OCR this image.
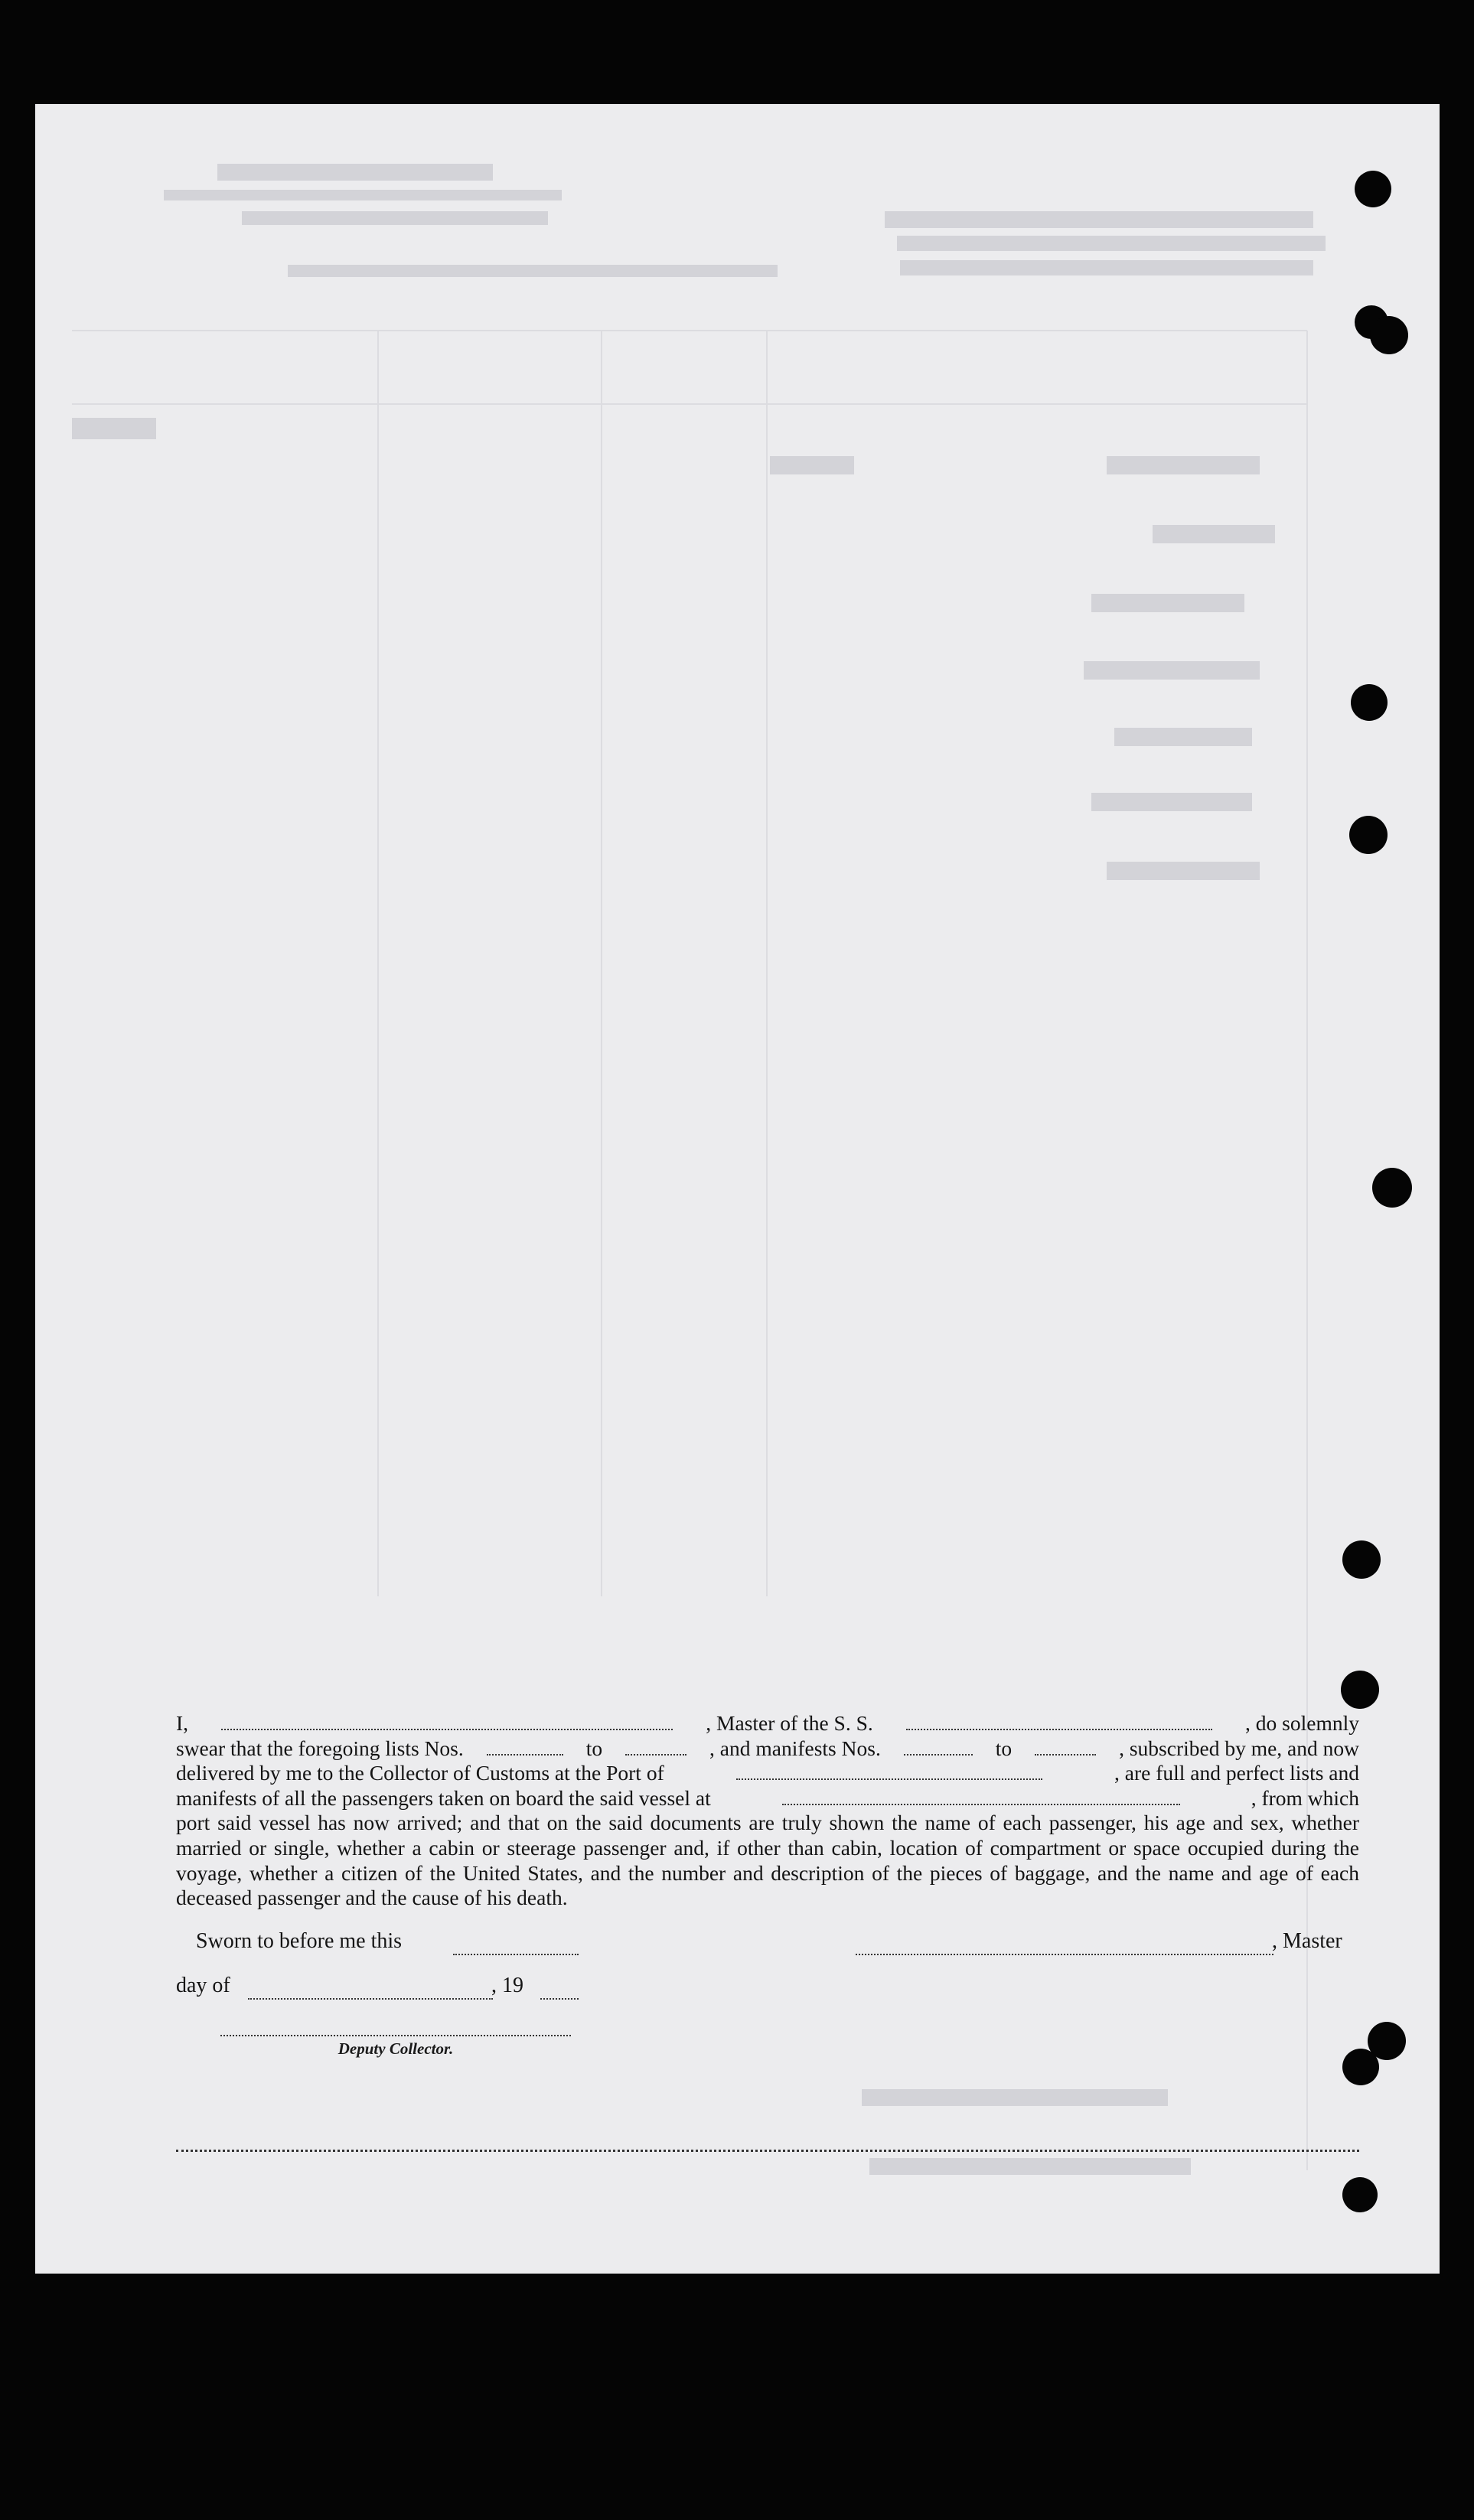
I,	, Master of the S. S.	, do solemnly
swear that the foregoing lists Nos.	to	, and manifests Nos.	to	, subscribed by me, and now
delivered by me to the Collector of Customs at the Port of	, are full and perfect lists and
manifests of all the passengers taken on board the said vessel at	, from which

port said vessel has now arrived; and that on the said documents are truly shown the name of each passenger, his age and sex, whether married or single, whether a cabin or steerage passenger and, if other than cabin, location of compartment or space occupied during the voyage, whether a citizen of the United States, and the number and description of the pieces of baggage, and the name and age of each deceased passenger and the cause of his death.

Sworn to before me this	, Master
day of	, 19
Deputy Collector.
